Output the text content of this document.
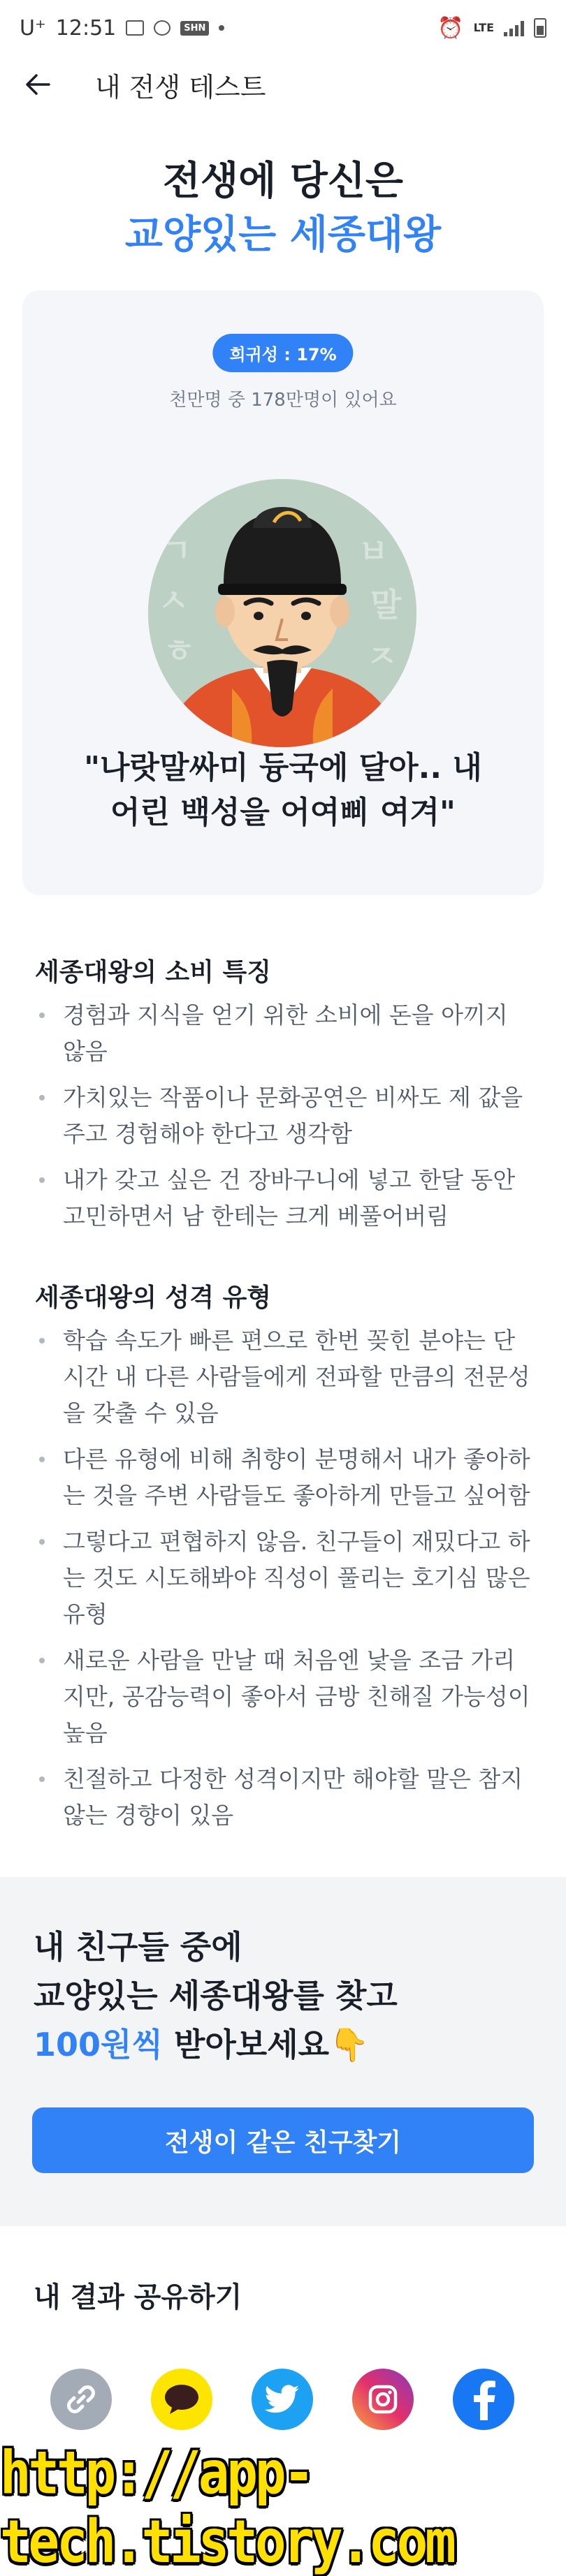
U⁺ 12:51	SHN	⏰ LTE
내 전생 테스트
전생에 당신은
교양있는 세종대왕
희귀성 : 17%
천만명 중 178만명이 있어요
ㄱ
ㅅ
ㅎ
ㅂ
말
ㅈ
"나랏말싸미 듕국에 달아.. 내
어린 백성을 어여삐 여겨"
세종대왕의 소비 특징
경험과 지식을 얻기 위한 소비에 돈을 아끼지 않음
가치있는 작품이나 문화공연은 비싸도 제 값을 주고 경험해야 한다고 생각함
내가 갖고 싶은 건 장바구니에 넣고 한달 동안 고민하면서 남 한테는 크게 베풀어버림
세종대왕의 성격 유형
학습 속도가 빠른 편으로 한번 꽂힌 분야는 단 시간 내 다른 사람들에게 전파할 만큼의 전문성을 갖출 수 있음
다른 유형에 비해 취향이 분명해서 내가 좋아하는 것을 주변 사람들도 좋아하게 만들고 싶어함
그렇다고 편협하지 않음. 친구들이 재밌다고 하는 것도 시도해봐야 직성이 풀리는 호기심 많은 유형
새로운 사람을 만날 때 처음엔 낯을 조금 가리지만, 공감능력이 좋아서 금방 친해질 가능성이 높음
친절하고 다정한 성격이지만 해야할 말은 참지 않는 경향이 있음
내 친구들 중에
교양있는 세종대왕를 찾고
100원씩 받아보세요👇
전생이 같은 친구찾기
내 결과 공유하기
http://app-tech.tistory.com
